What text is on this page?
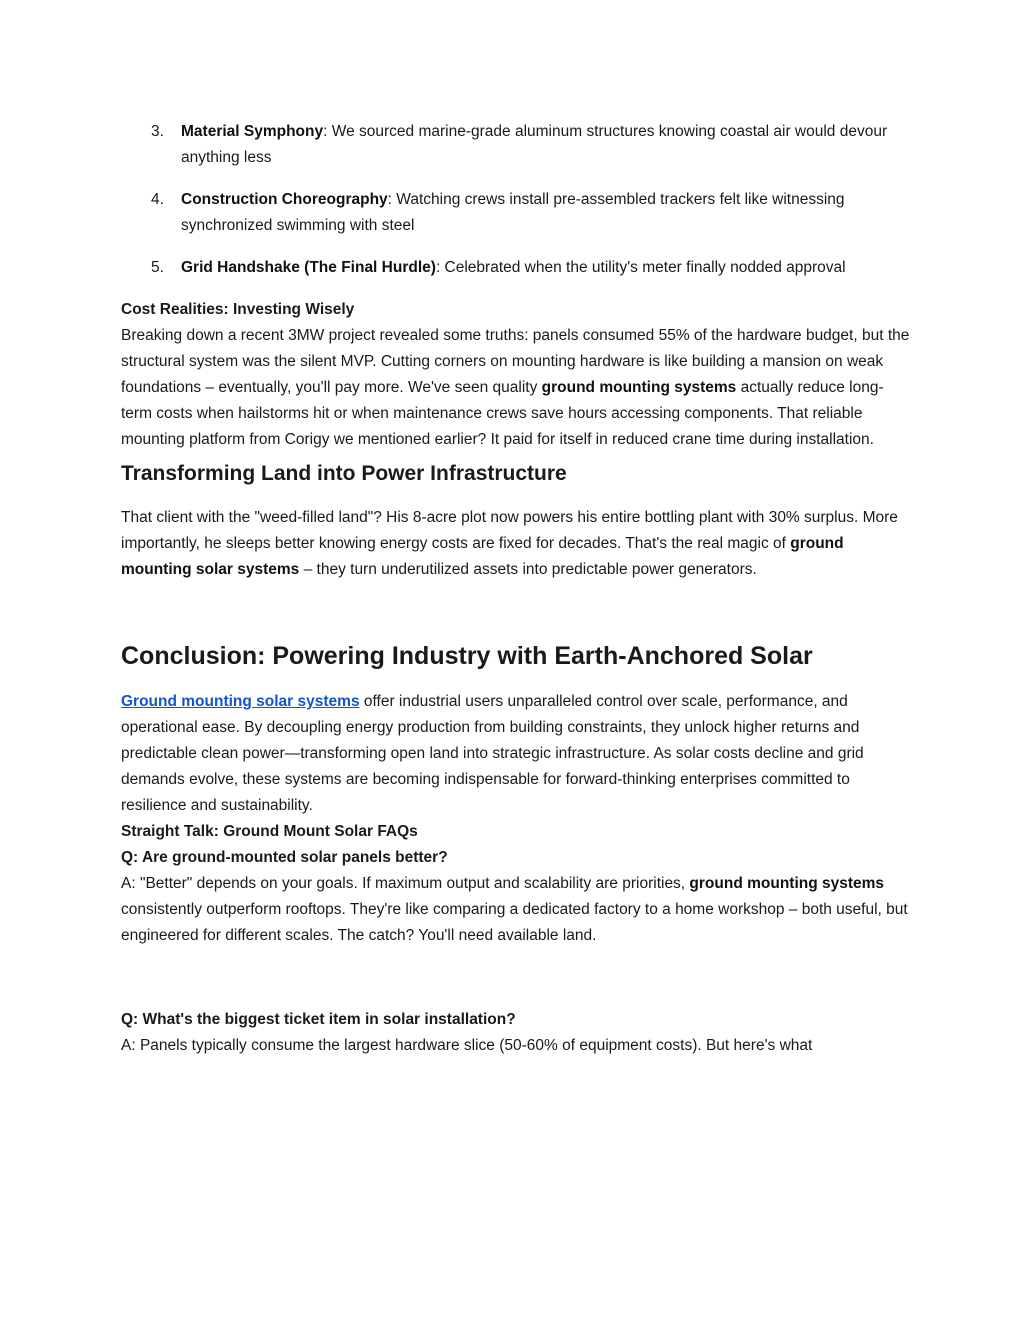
3. Material Symphony: We sourced marine-grade aluminum structures knowing coastal air would devour anything less
4. Construction Choreography: Watching crews install pre-assembled trackers felt like witnessing synchronized swimming with steel
5. Grid Handshake (The Final Hurdle): Celebrated when the utility's meter finally nodded approval

Cost Realities: Investing Wisely

Breaking down a recent 3MW project revealed some truths: panels consumed 55% of the hardware budget, but the structural system was the silent MVP. Cutting corners on mounting hardware is like building a mansion on weak foundations – eventually, you'll pay more. We've seen quality ground mounting systems actually reduce long-term costs when hailstorms hit or when maintenance crews save hours accessing components. That reliable mounting platform from Corigy we mentioned earlier? It paid for itself in reduced crane time during installation.

Transforming Land into Power Infrastructure

That client with the "weed-filled land"? His 8-acre plot now powers his entire bottling plant with 30% surplus. More importantly, he sleeps better knowing energy costs are fixed for decades. That's the real magic of ground mounting solar systems – they turn underutilized assets into predictable power generators.

Conclusion: Powering Industry with Earth-Anchored Solar

Ground mounting solar systems offer industrial users unparalleled control over scale, performance, and operational ease. By decoupling energy production from building constraints, they unlock higher returns and predictable clean power—transforming open land into strategic infrastructure. As solar costs decline and grid demands evolve, these systems are becoming indispensable for forward-thinking enterprises committed to resilience and sustainability.

Straight Talk: Ground Mount Solar FAQs

Q: Are ground-mounted solar panels better?

A: "Better" depends on your goals. If maximum output and scalability are priorities, ground mounting systems consistently outperform rooftops. They're like comparing a dedicated factory to a home workshop – both useful, but engineered for different scales. The catch? You'll need available land.

Q: What's the biggest ticket item in solar installation?

A: Panels typically consume the largest hardware slice (50-60% of equipment costs). But here's what
